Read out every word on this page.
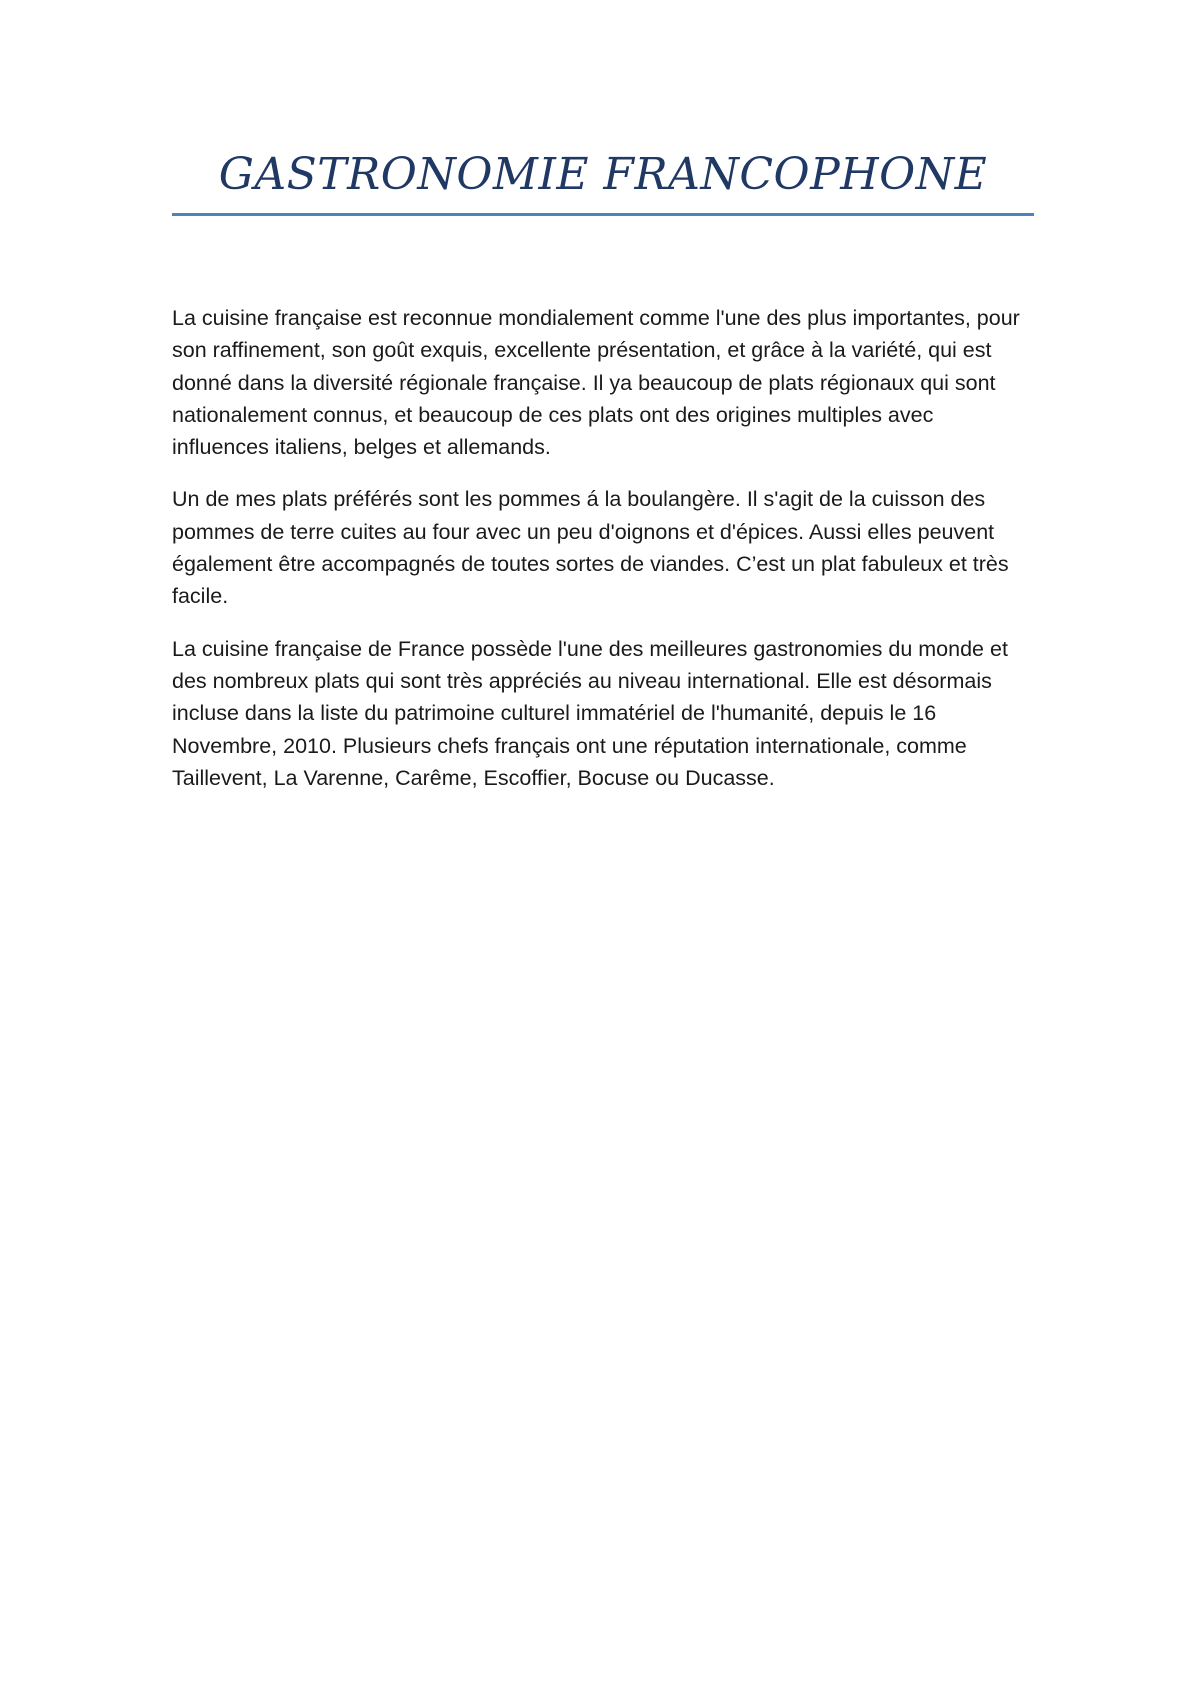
GASTRONOMIE FRANCOPHONE

La cuisine française est reconnue mondialement comme l'une des plus importantes, pour son raffinement, son goût exquis, excellente présentation, et grâce à la variété, qui est donné dans la diversité régionale française. Il ya beaucoup de plats régionaux qui sont nationalement connus, et beaucoup de ces plats ont des origines multiples avec influences italiens, belges et allemands.

Un de mes plats préférés sont les pommes á la boulangère. Il s'agit de la cuisson des pommes de terre cuites au four avec un peu d'oignons et d'épices. Aussi elles peuvent également être accompagnés de toutes sortes de viandes. C’est un plat fabuleux et très facile.

La cuisine française de France possède l'une des meilleures gastronomies du monde et des nombreux plats qui sont très appréciés au niveau international. Elle est désormais incluse dans la liste du patrimoine culturel immatériel de l'humanité, depuis le 16 Novembre, 2010. Plusieurs chefs français ont une réputation internationale, comme Taillevent, La Varenne, Carême, Escoffier, Bocuse ou Ducasse.
